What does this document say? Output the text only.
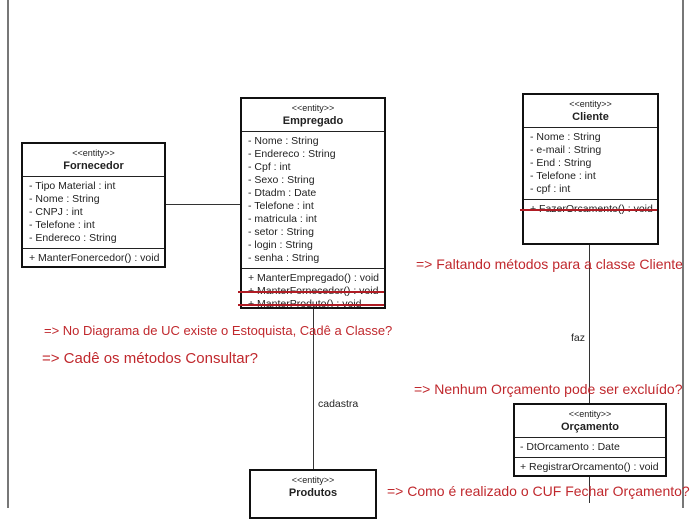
cadastra
faz
<<entity>>
Fornecedor
- Tipo Material : int
- Nome : String
- CNPJ : int
- Telefone : int
- Endereco : String
+ ManterFonercedor() : void
<<entity>>
Empregado
- Nome : String
- Endereco : String
- Cpf : int
- Sexo : String
- Dtadm : Date
- Telefone : int
- matricula : int
- setor : String
- login : String
- senha : String
+ ManterEmpregado() : void
+ ManterFornecedor() : void
+ ManterProduto() : void
<<entity>>
Cliente
- Nome : String
- e-mail : String
- End : String
- Telefone : int
- cpf : int
+ FazerOrcamento() : void
<<entity>>
Orçamento
- DtOrcamento : Date
+ RegistrarOrcamento() : void
<<entity>>
Produtos
=> Faltando métodos para a classe Cliente
=> No Diagrama de UC existe o Estoquista, Cadê a Classe?
=> Cadê os métodos Consultar?
=> Nenhum Orçamento pode ser excluído?
=> Como é realizado o CUF Fechar Orçamento?
